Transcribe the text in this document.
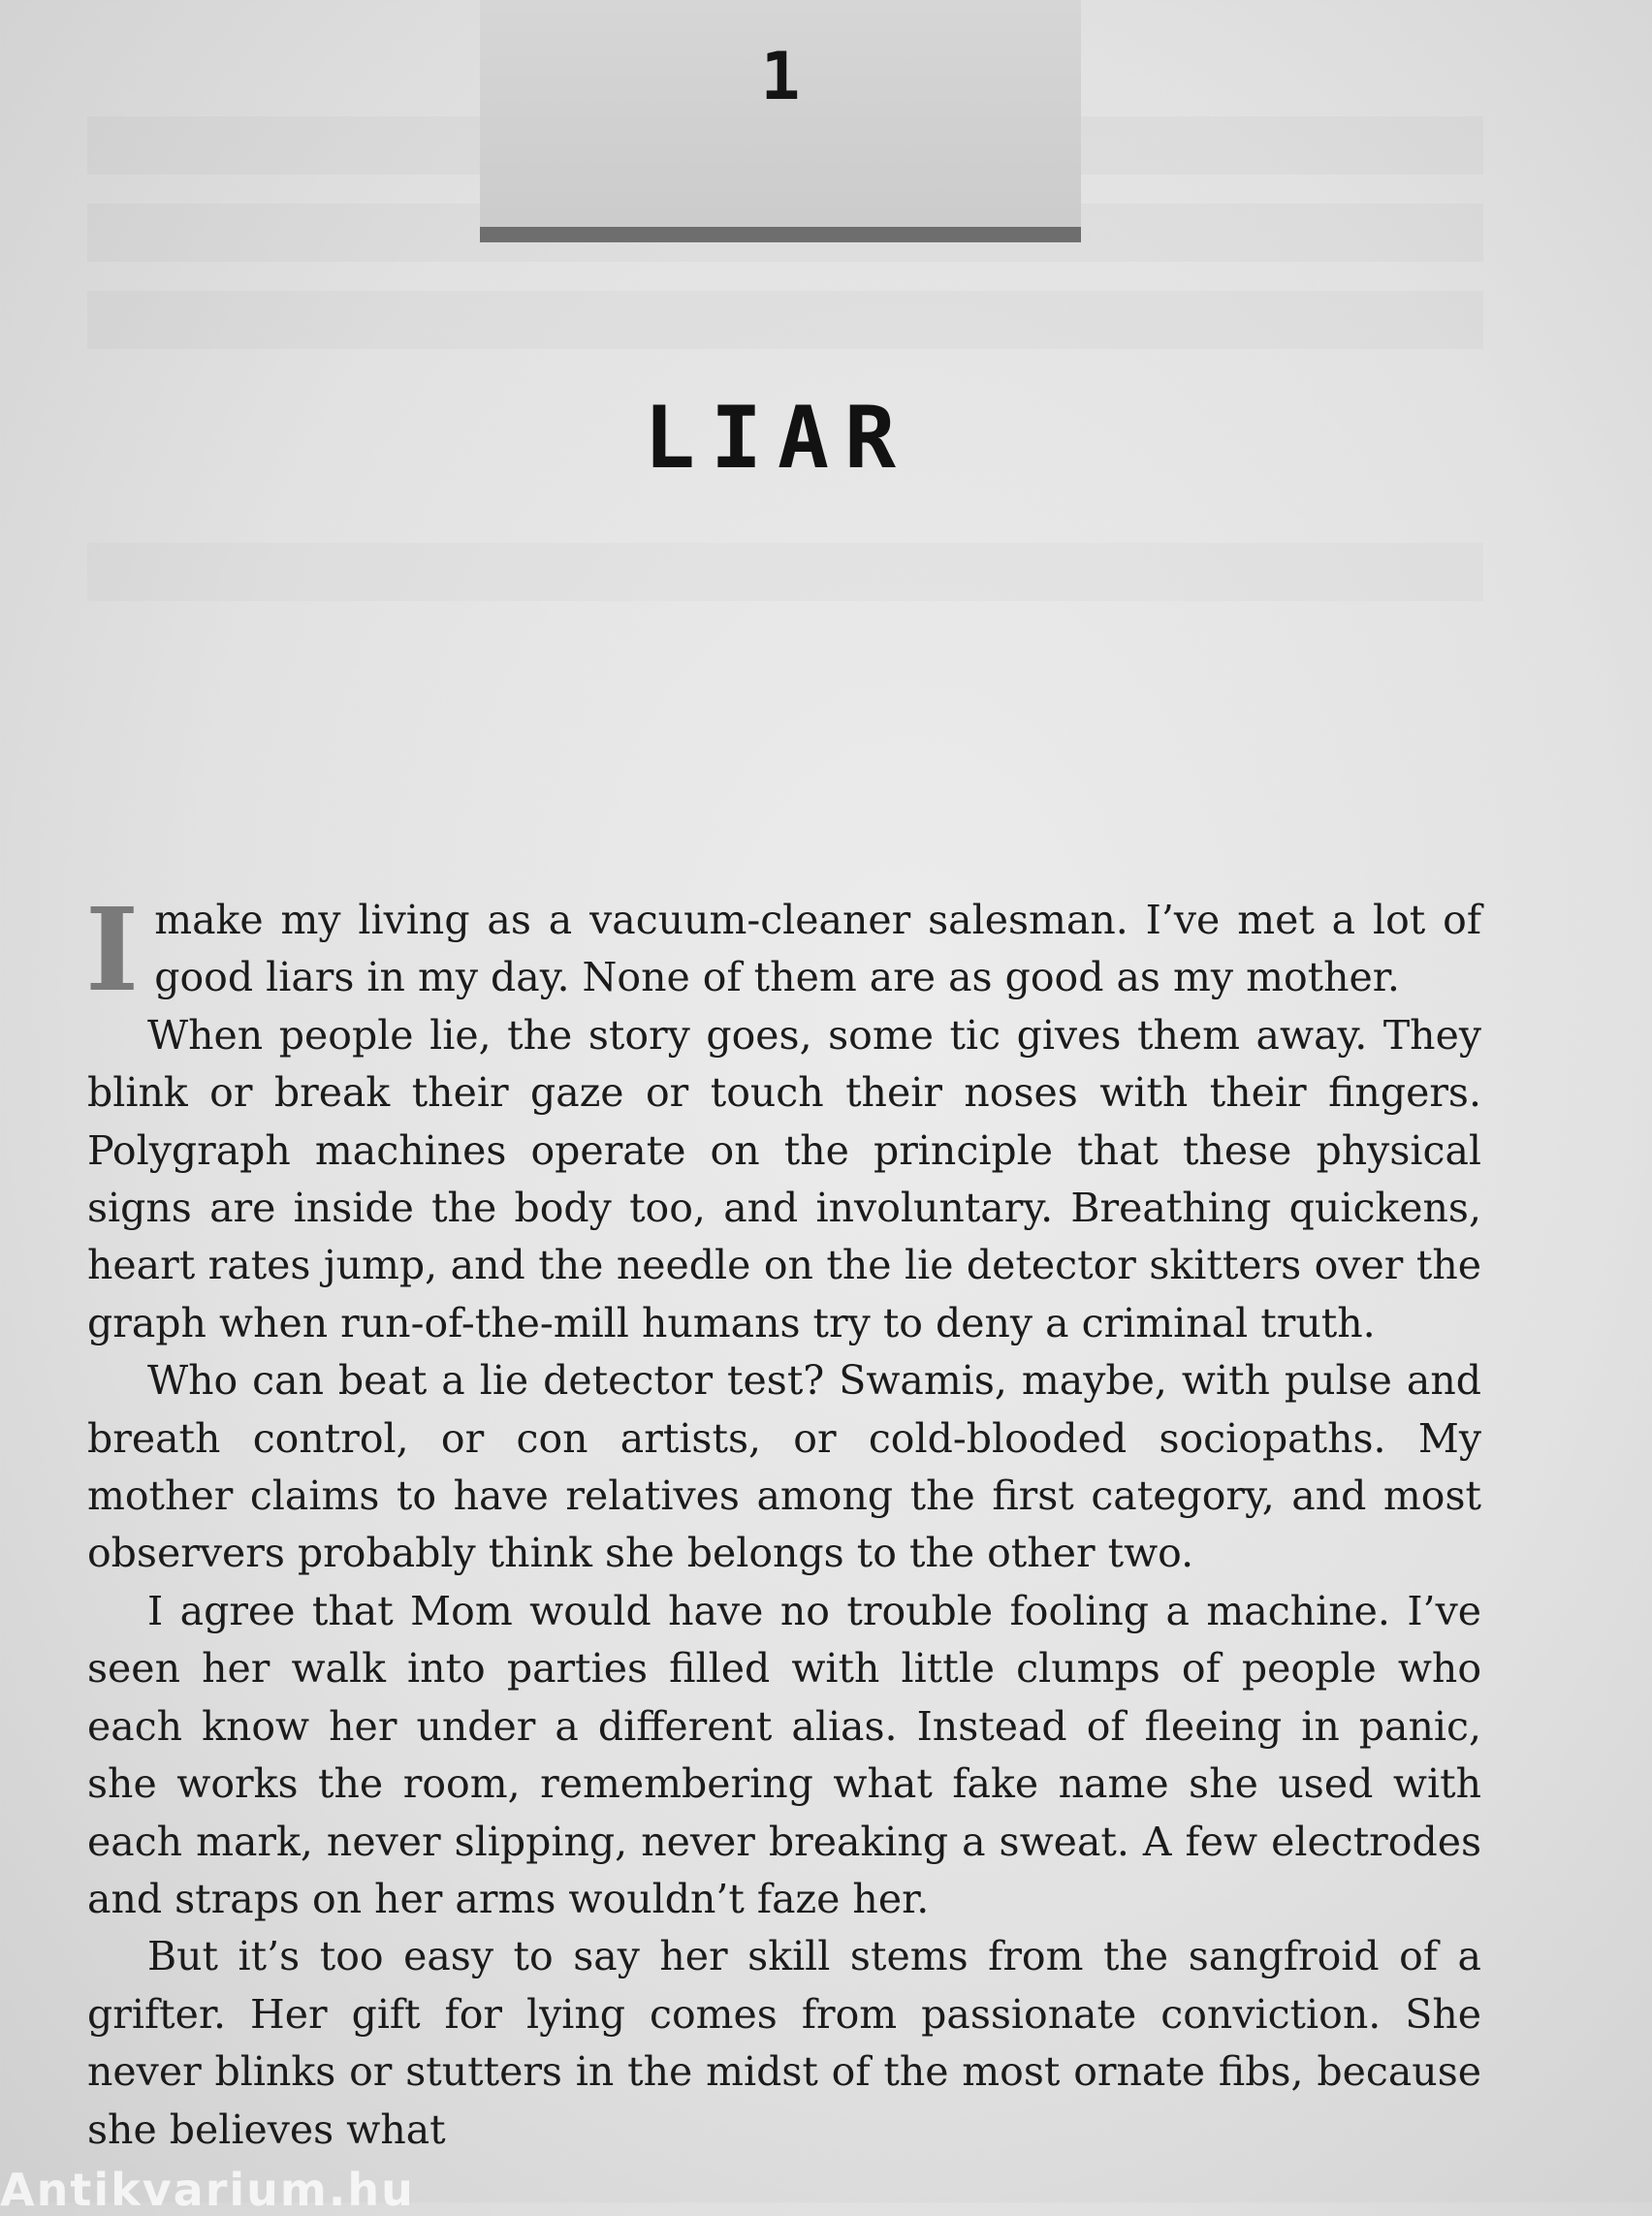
1
LIAR

Imake my living as a vacuum-cleaner salesman. I’ve met a lot of good liars in my day. None of them are as good as my mother.

When people lie, the story goes, some tic gives them away. They blink or break their gaze or touch their noses with their fingers. Polygraph machines operate on the principle that these physical signs are inside the body too, and involuntary. Breathing quickens, heart rates jump, and the needle on the lie detector skitters over the graph when run-of-the-mill humans try to deny a criminal truth.

Who can beat a lie detector test? Swamis, maybe, with pulse and breath control, or con artists, or cold-blooded sociopaths. My mother claims to have relatives among the first category, and most observers probably think she belongs to the other two.

I agree that Mom would have no trouble fooling a machine. I’ve seen her walk into parties filled with little clumps of people who each know her under a different alias. Instead of fleeing in panic, she works the room, remembering what fake name she used with each mark, never slipping, never breaking a sweat. A few electrodes and straps on her arms wouldn’t faze her.

But it’s too easy to say her skill stems from the sangfroid of a grifter. Her gift for lying comes from passionate conviction. She never blinks or stutters in the midst of the most ornate fibs, because she believes what

Antikvarium.hu
